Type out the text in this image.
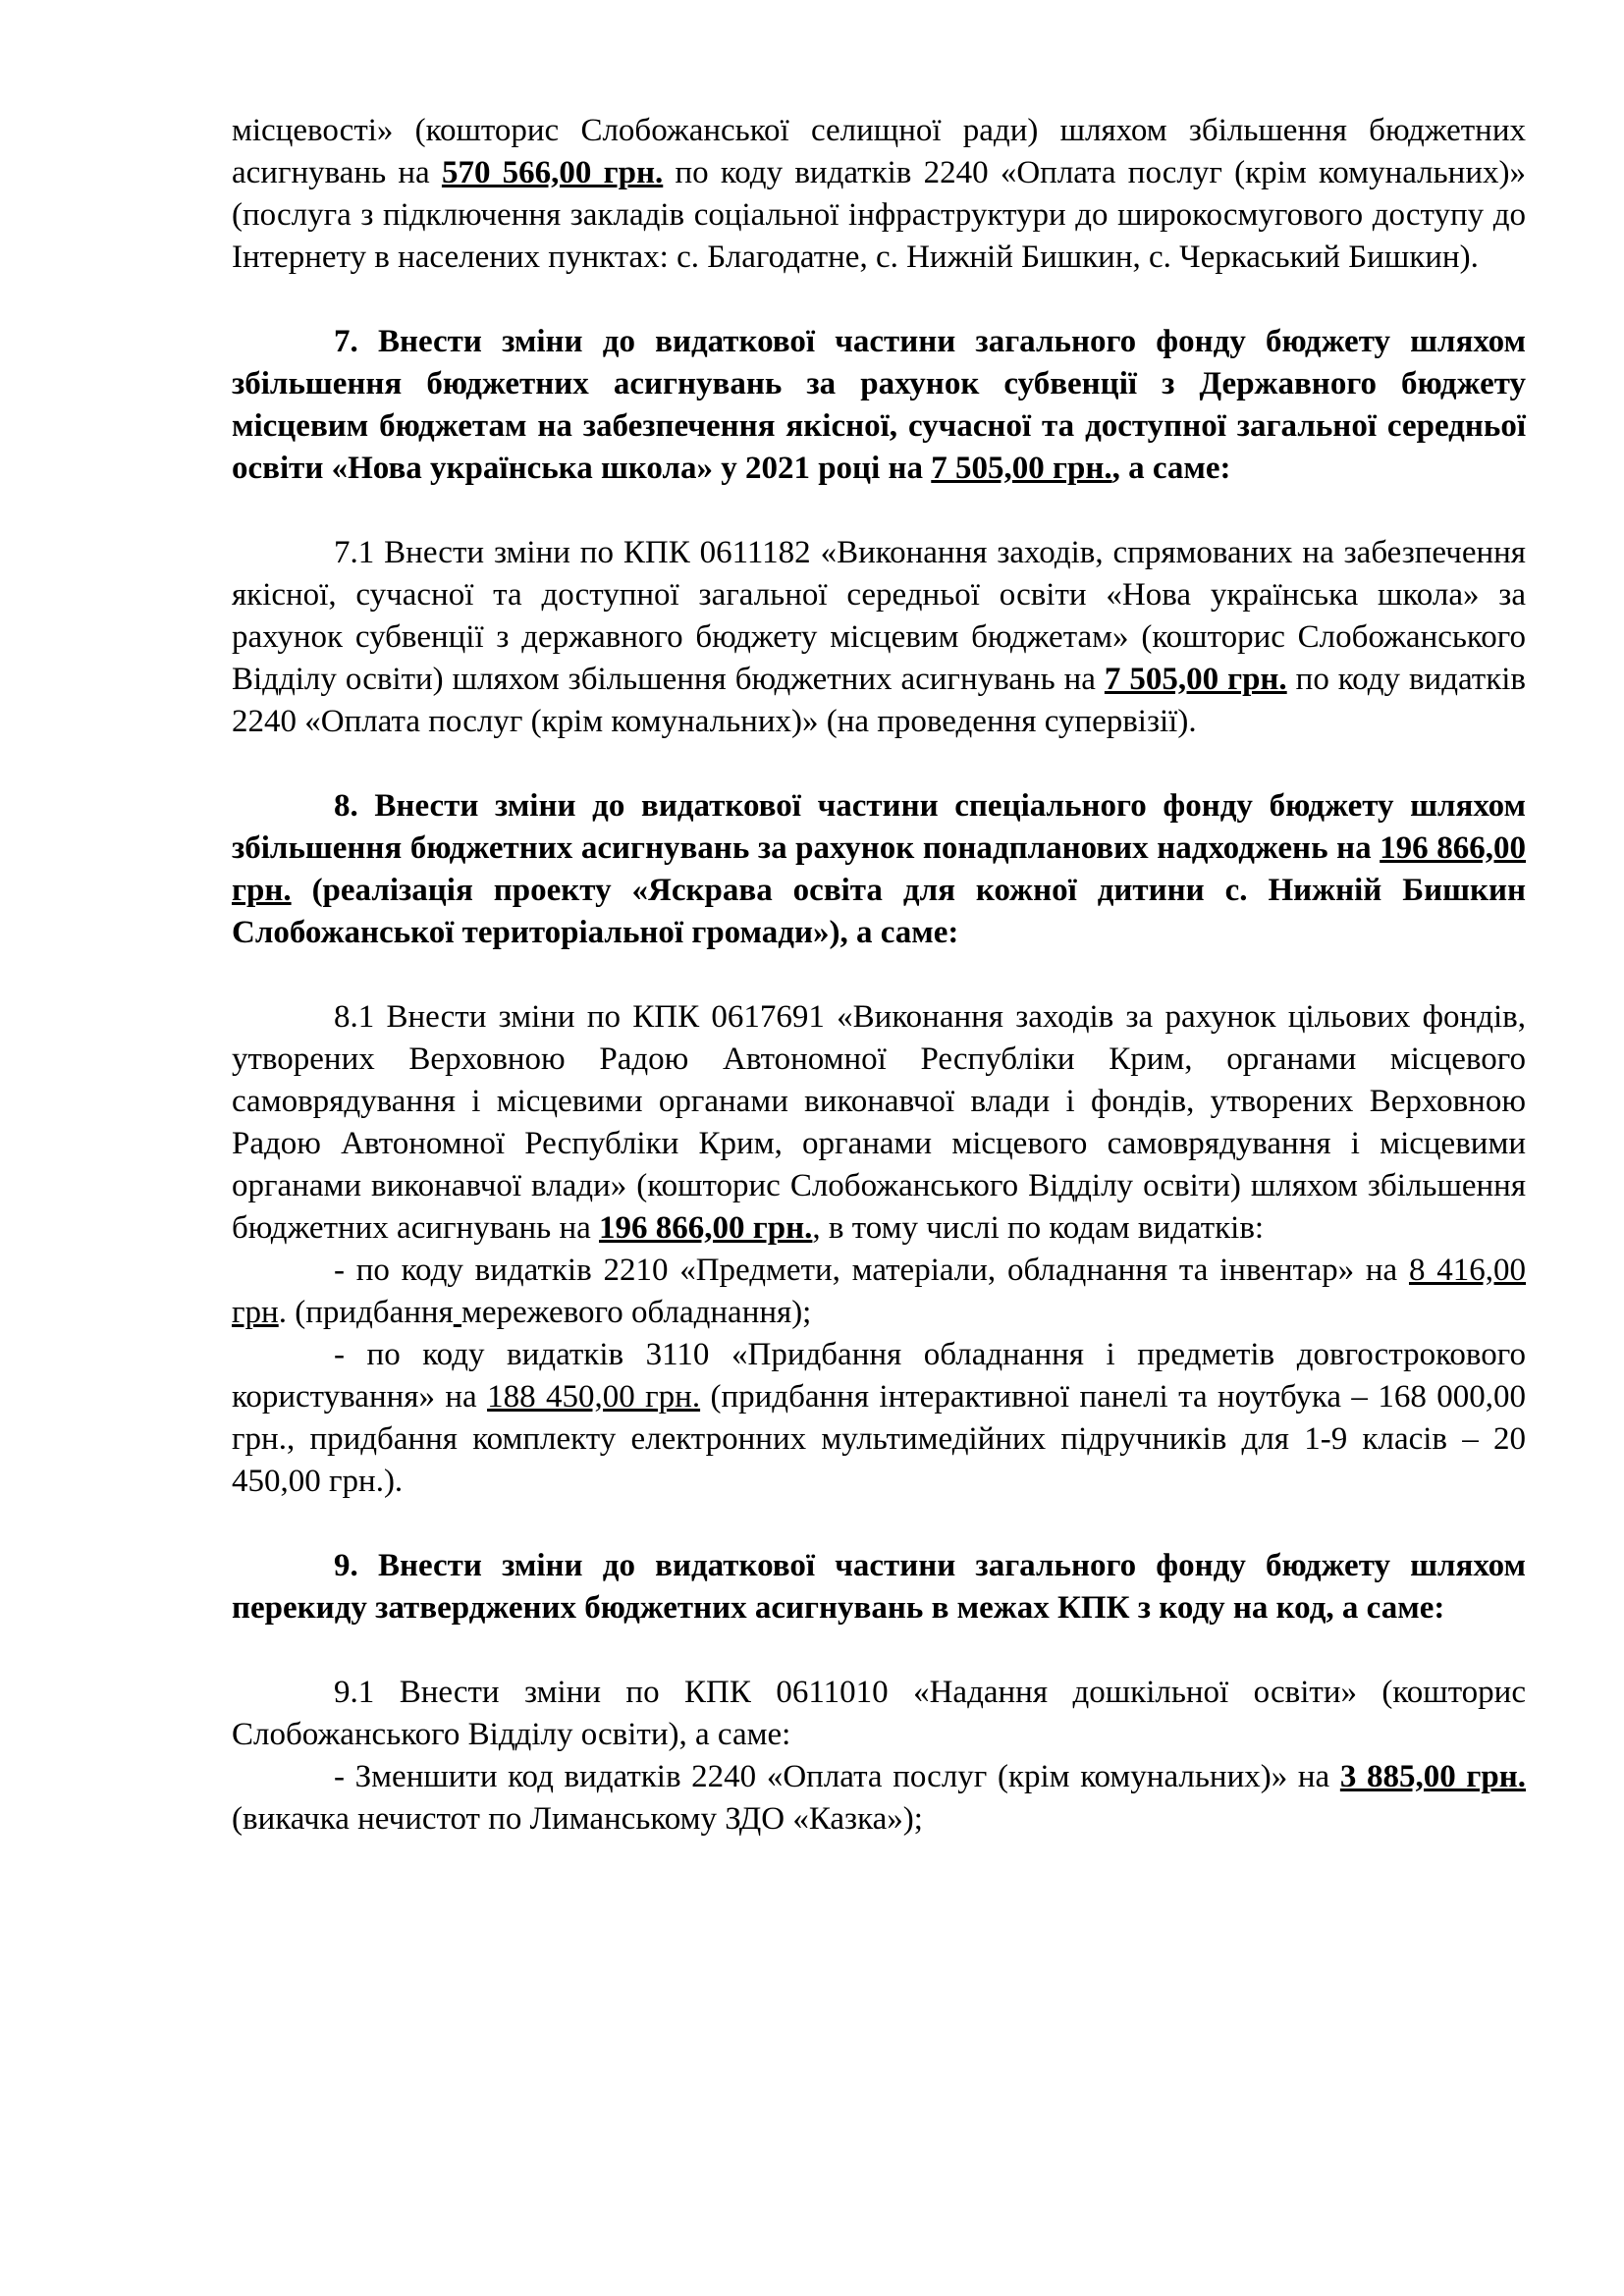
місцевості» (кошторис Слобожанської селищної ради) шляхом збільшення бюджетних асигнувань на 570 566,00 грн. по коду видатків 2240 «Оплата послуг (крім комунальних)» (послуга з підключення закладів соціальної інфраструктури до широкосмугового доступу до Інтернету в населених пунктах: с. Благодатне, с. Нижній Бишкин, с. Черкаський Бишкин).

7. Внести зміни до видаткової частини загального фонду бюджету шляхом збільшення бюджетних асигнувань за рахунок субвенції з Державного бюджету місцевим бюджетам на забезпечення якісної, сучасної та доступної загальної середньої освіти «Нова українська школа» у 2021 році на 7 505,00 грн., а саме:

7.1 Внести зміни по КПК 0611182 «Виконання заходів, спрямованих на забезпечення якісної, сучасної та доступної загальної середньої освіти «Нова українська школа» за рахунок субвенції з державного бюджету місцевим бюджетам» (кошторис Слобожанського Відділу освіти) шляхом збільшення бюджетних асигнувань на 7 505,00 грн. по коду видатків 2240 «Оплата послуг (крім комунальних)» (на проведення супервізії).

8. Внести зміни до видаткової частини спеціального фонду бюджету шляхом збільшення бюджетних асигнувань за рахунок понадпланових надходжень на 196 866,00 грн. (реалізація проекту «Яскрава освіта для кожної дитини с. Нижній Бишкин Слобожанської територіальної громади»), а саме:

8.1 Внести зміни по КПК 0617691 «Виконання заходів за рахунок цільових фондів, утворених Верховною Радою Автономної Республіки Крим, органами місцевого самоврядування і місцевими органами виконавчої влади і фондів, утворених Верховною Радою Автономної Республіки Крим, органами місцевого самоврядування і місцевими органами виконавчої влади» (кошторис Слобожанського Відділу освіти) шляхом збільшення бюджетних асигнувань на 196 866,00 грн., в тому числі по кодам видатків:

- по коду видатків 2210 «Предмети, матеріали, обладнання та інвентар» на 8 416,00 грн. (придбання мережевого обладнання);

- по коду видатків 3110 «Придбання обладнання і предметів довгострокового користування» на 188 450,00 грн. (придбання інтерактивної панелі та ноутбука – 168 000,00 грн., придбання комплекту електронних мультимедійних підручників для 1-9 класів – 20 450,00 грн.).

9. Внести зміни до видаткової частини загального фонду бюджету шляхом перекиду затверджених бюджетних асигнувань в межах КПК з коду на код, а саме:

9.1 Внести зміни по КПК 0611010 «Надання дошкільної освіти» (кошторис Слобожанського Відділу освіти), а саме:

- Зменшити код видатків 2240 «Оплата послуг (крім комунальних)» на 3 885,00 грн. (викачка нечистот по Лиманському ЗДО «Казка»);
